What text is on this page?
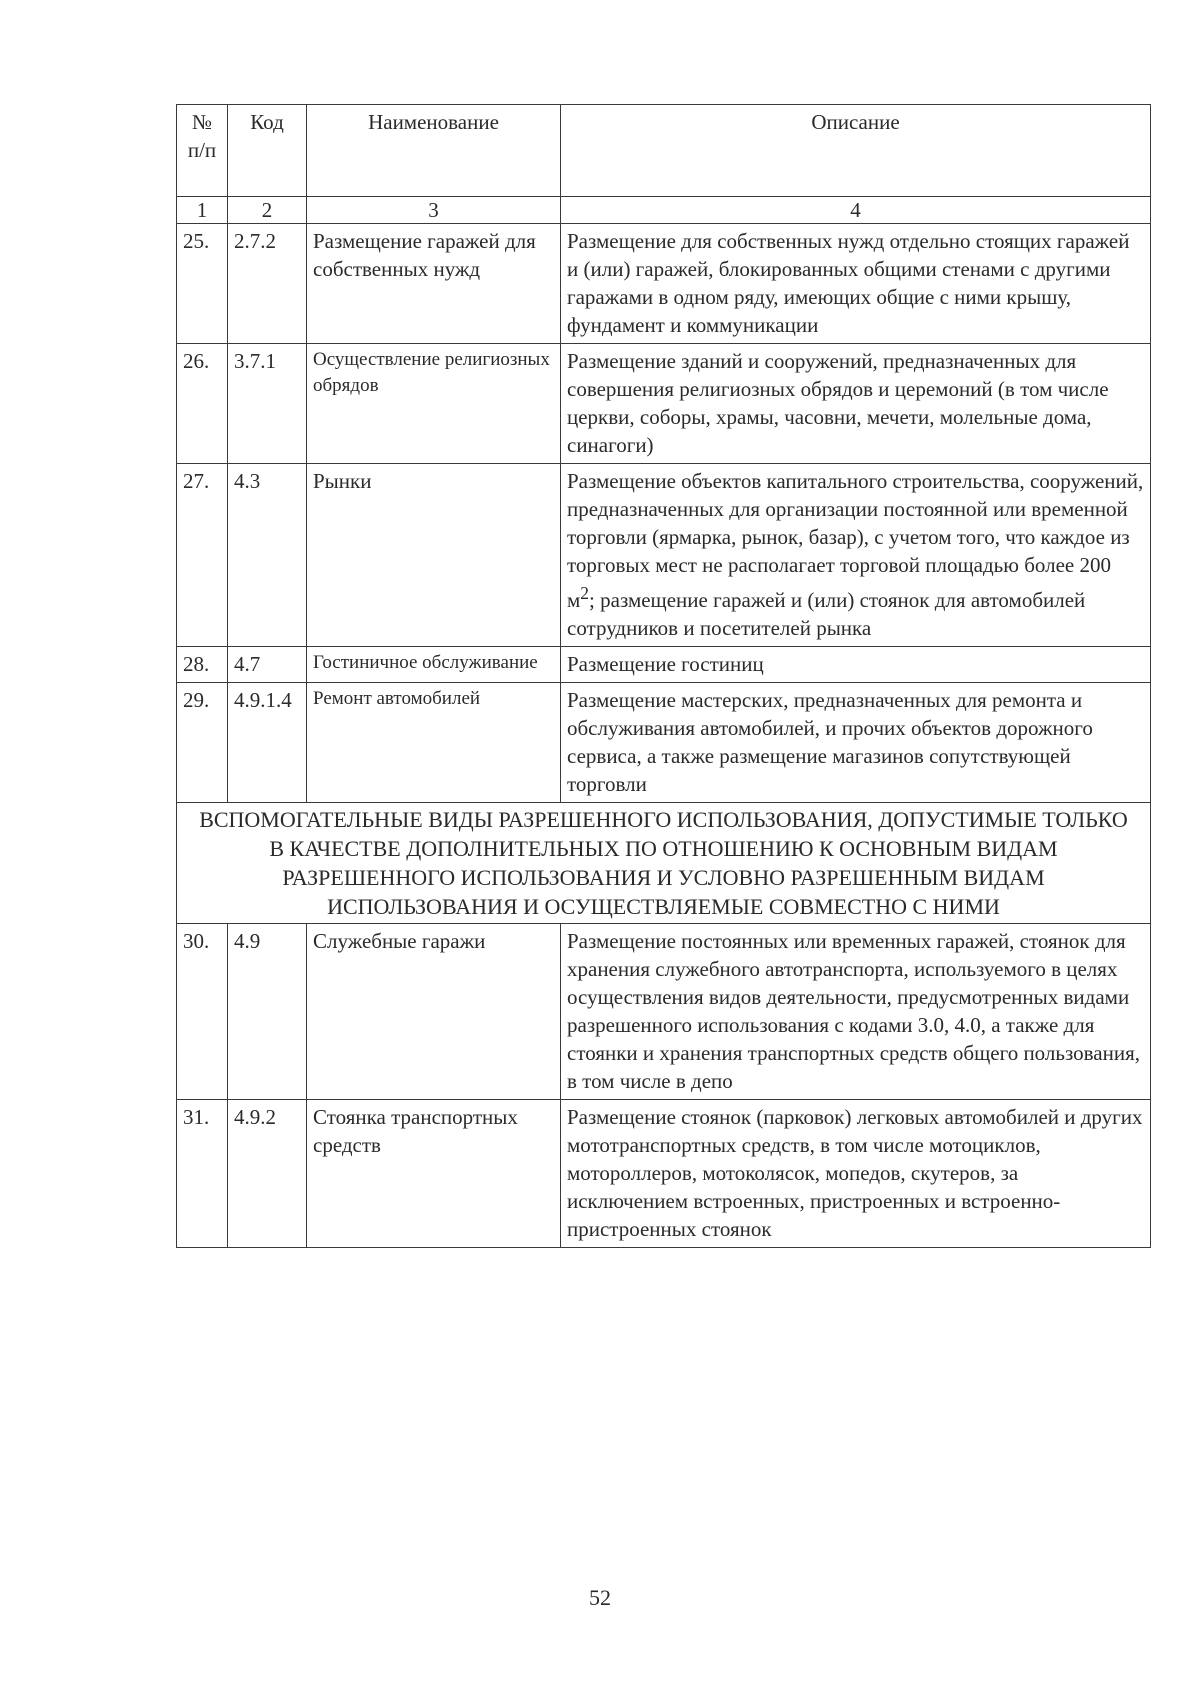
№ п/п	Код	Наименование	Описание
1	2	3	4
25.	2.7.2	Размещение гаражей для собственных нужд	Размещение для собственных нужд отдельно стоящих гаражей и (или) гаражей, блокированных общими стенами с другими гаражами в одном ряду, имеющих общие с ними крышу, фундамент и коммуникации
26.	3.7.1	Осуществление религиозных обрядов	Размещение зданий и сооружений, предназначенных для совершения религиозных обрядов и церемоний (в том числе церкви, соборы, храмы, часовни, мечети, молельные дома, синагоги)
27.	4.3	Рынки	Размещение объектов капитального строительства, сооружений, предназначенных для организации постоянной или временной торговли (ярмарка, рынок, базар), с учетом того, что каждое из торговых мест не располагает торговой площадью более 200 $м^2$; размещение гаражей и (или) стоянок для автомобилей сотрудников и посетителей рынка
28.	4.7	Гостиничное обслуживание	Размещение гостиниц
29.	4.9.1.4	Ремонт автомобилей	Размещение мастерских, предназначенных для ремонта и обслуживания автомобилей, и прочих объектов дорожного сервиса, а также размещение магазинов сопутствующей торговли
ВСПОМОГАТЕЛЬНЫЕ ВИДЫ РАЗРЕШЕННОГО ИСПОЛЬЗОВАНИЯ, ДОПУСТИМЫЕ ТОЛЬКО В КАЧЕСТВЕ ДОПОЛНИТЕЛЬНЫХ ПО ОТНОШЕНИЮ К ОСНОВНЫМ ВИДАМ РАЗРЕШЕННОГО ИСПОЛЬЗОВАНИЯ И УСЛОВНО РАЗРЕШЕННЫМ ВИДАМ ИСПОЛЬЗОВАНИЯ И ОСУЩЕСТВЛЯЕМЫЕ СОВМЕСТНО С НИМИ			
30.	4.9	Служебные гаражи	Размещение постоянных или временных гаражей, стоянок для хранения служебного автотранспорта, используемого в целях осуществления видов деятельности, предусмотренных видами разрешенного использования с кодами 3.0, 4.0, а также для стоянки и хранения транспортных средств общего пользования, в том числе в депо
31.	4.9.2	Стоянка транспортных средств	Размещение стоянок (парковок) легковых автомобилей и других мототранспортных средств, в том числе мотоциклов, мотороллеров, мотоколясок, мопедов, скутеров, за исключением встроенных, пристроенных и встроенно-пристроенных стоянок
52
